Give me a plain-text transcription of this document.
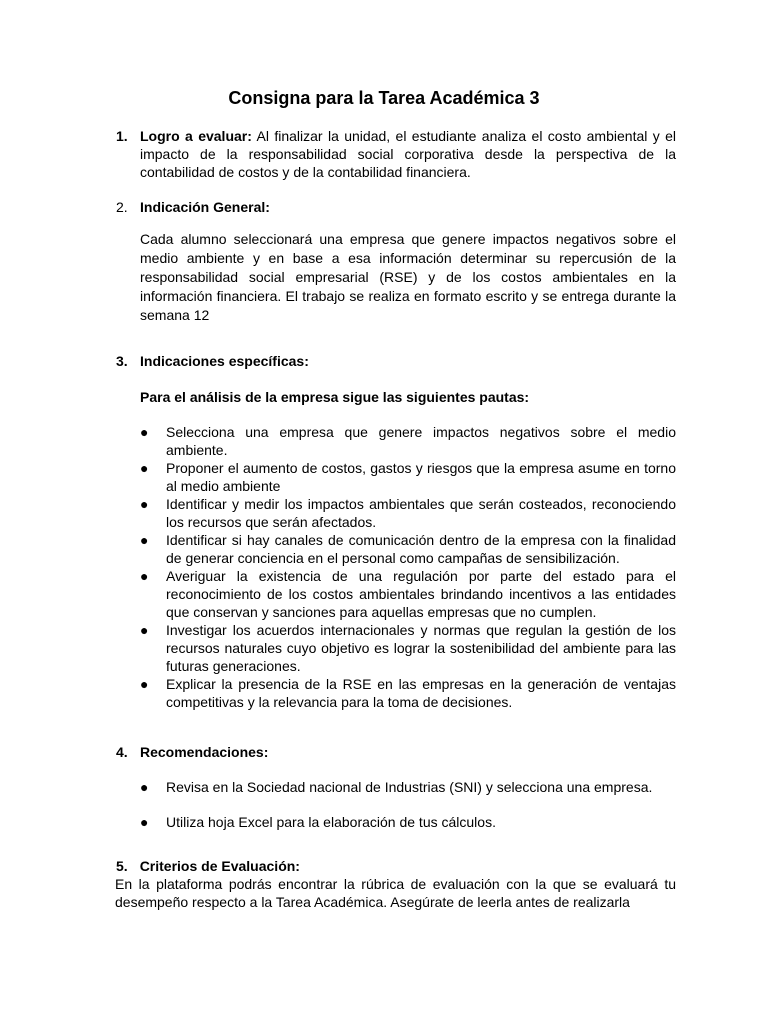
Consigna para la Tarea Académica 3
1. Logro a evaluar: Al finalizar la unidad, el estudiante analiza el costo ambiental y el impacto de la responsabilidad social corporativa desde la perspectiva de la contabilidad de costos y de la contabilidad financiera.
2. Indicación General:
Cada alumno seleccionará una empresa que genere impactos negativos sobre el medio ambiente y en base a esa información determinar su repercusión de la responsabilidad social empresarial (RSE) y de los costos ambientales en la información financiera. El trabajo se realiza en formato escrito y se entrega durante la semana 12
3. Indicaciones específicas:
Para el análisis de la empresa sigue las siguientes pautas:
● Selecciona una empresa que genere impactos negativos sobre el medio ambiente.
● Proponer el aumento de costos, gastos y riesgos que la empresa asume en torno al medio ambiente
● Identificar y medir los impactos ambientales que serán costeados, reconociendo los recursos que serán afectados.
● Identificar si hay canales de comunicación dentro de la empresa con la finalidad de generar conciencia en el personal como campañas de sensibilización.
● Averiguar la existencia de una regulación por parte del estado para el reconocimiento de los costos ambientales brindando incentivos a las entidades que conservan y sanciones para aquellas empresas que no cumplen.
● Investigar los acuerdos internacionales y normas que regulan la gestión de los recursos naturales cuyo objetivo es lograr la sostenibilidad del ambiente para las futuras generaciones.
● Explicar la presencia de la RSE en las empresas en la generación de ventajas competitivas y la relevancia para la toma de decisiones.
4. Recomendaciones:
● Revisa en la Sociedad nacional de Industrias (SNI) y selecciona una empresa.
● Utiliza hoja Excel para la elaboración de tus cálculos.
5. Criterios de Evaluación:
En la plataforma podrás encontrar la rúbrica de evaluación con la que se evaluará tu desempeño respecto a la Tarea Académica. Asegúrate de leerla antes de realizarla
